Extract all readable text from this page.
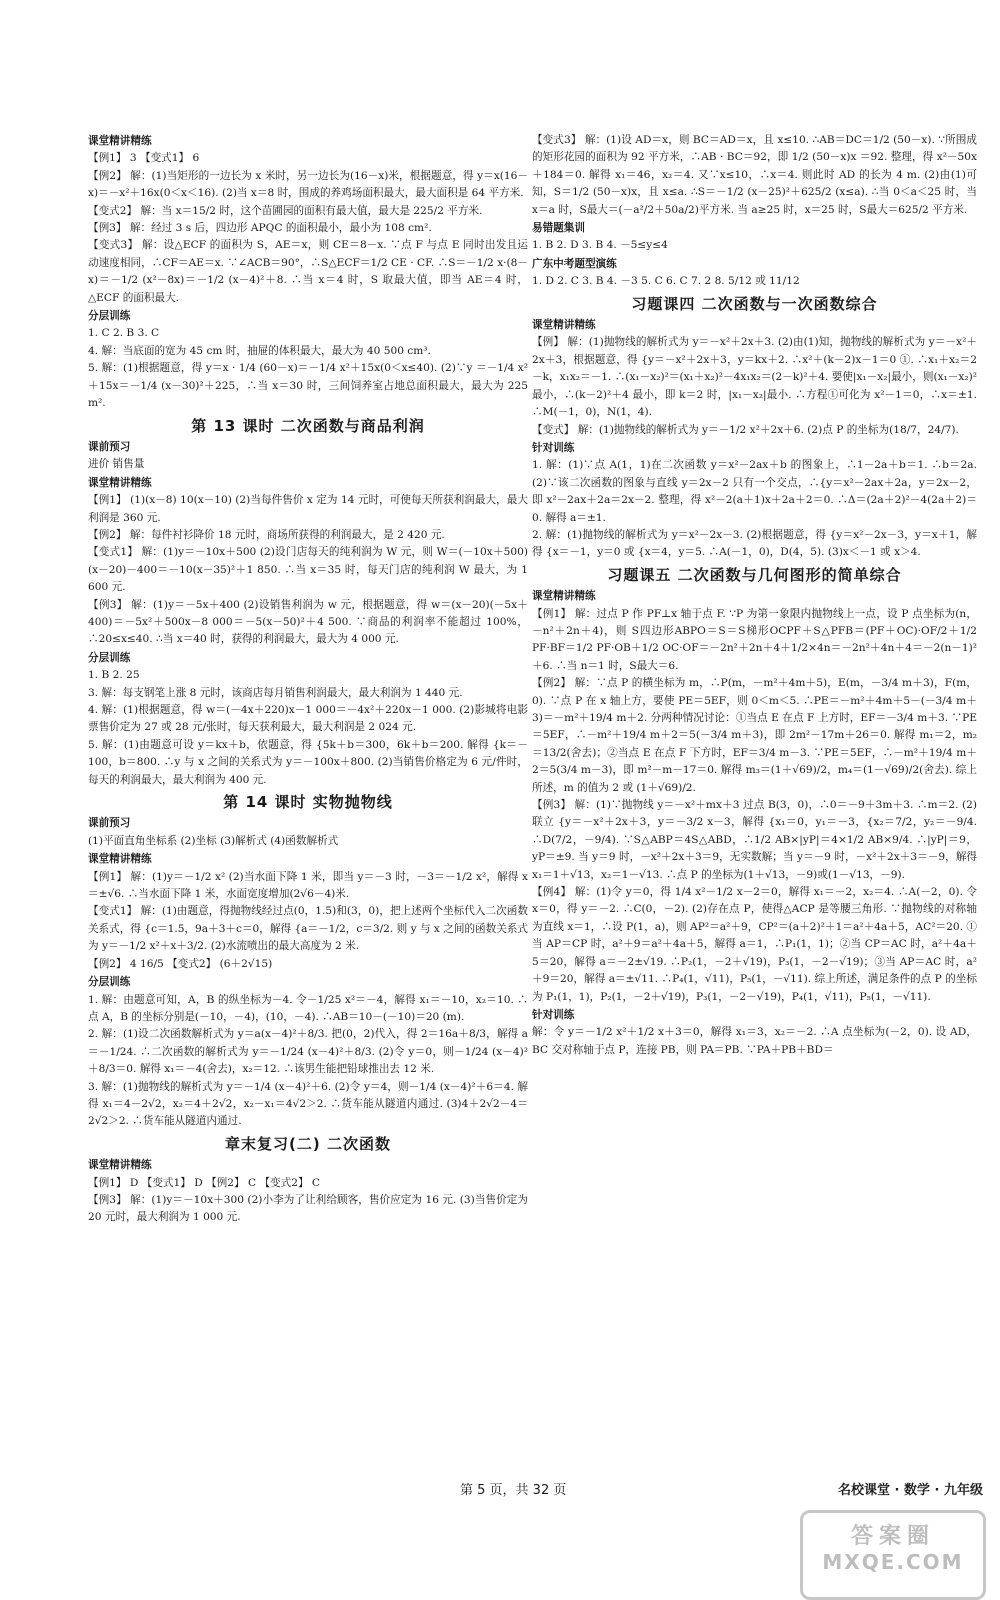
课堂精讲精练
【例1】 3 【变式1】 6
【例2】 解：(1)当矩形的一边长为 x 米时，另一边长为(16－x)米，根据题意，得 y＝x(16－x)＝－x²＋16x(0＜x＜16). (2)当 x＝8 时，围成的养鸡场面积最大，最大面积是 64 平方米.
【变式2】 解：当 x＝15/2 时，这个苗圃园的面积有最大值，最大是 225/2 平方米.
【例3】 解：经过 3 s 后，四边形 APQC 的面积最小，最小为 108 cm².
【变式3】 解：设△ECF 的面积为 S，AE＝x，则 CE＝8－x. ∵点 F 与点 E 同时出发且运动速度相同，∴CF＝AE＝x. ∵∠ACB＝90°，∴S△ECF＝1/2 CE · CF. ∴S＝－1/2 x·(8－x)＝－1/2 (x²－8x)＝－1/2 (x－4)²＋8. ∴当 x＝4 时，S 取最大值，即当 AE＝4 时，△ECF 的面积最大.
分层训练
1. C 2. B 3. C
4. 解：当底面的宽为 45 cm 时，抽屉的体积最大，最大为 40 500 cm³.
5. 解：(1)根据题意，得 y＝x · 1/4 (60－x)＝－1/4 x²＋15x(0＜x≤40). (2)∵y ＝－1/4 x²＋15x＝－1/4 (x－30)²＋225，∴当 x＝30 时，三间饲养室占地总面积最大，最大为 225 m².
第 13 课时 二次函数与商品利润
课前预习
进价 销售量
课堂精讲精练
【例1】 (1)(x－8) 10(x－10) (2)当每件售价 x 定为 14 元时，可使每天所获利润最大，最大利润是 360 元.
【例2】 解：每件衬衫降价 18 元时，商场所获得的利润最大，是 2 420 元.
【变式1】 解：(1)y＝－10x＋500 (2)设门店每天的纯利润为 W 元，则 W＝(－10x＋500)(x－20)－400＝－10(x－35)²＋1 850. ∴当 x＝35 时，每天门店的纯利润 W 最大，为 1 600 元.
【例3】 解：(1)y＝－5x＋400 (2)设销售利润为 w 元，根据题意，得 w＝(x－20)(－5x＋400)＝－5x²＋500x－8 000＝－5(x－50)²＋4 500. ∵商品的利润率不能超过 100%，∴20≤x≤40. ∴当 x＝40 时，获得的利润最大，最大为 4 000 元.
分层训练
1. B 2. 25
3. 解：每支钢笔上涨 8 元时，该商店每月销售利润最大，最大利润为 1 440 元.
4. 解：(1)根据题意，得 w＝(－4x＋220)x－1 000＝－4x²＋220x－1 000. (2)影城将电影票售价定为 27 或 28 元/张时，每天获利最大，最大利润是 2 024 元.
5. 解：(1)由题意可设 y＝kx＋b，依题意，得 {5k＋b＝300，6k＋b＝200. 解得 {k＝－100，b＝800. ∴y 与 x 之间的关系式为 y＝－100x＋800. (2)当销售价格定为 6 元/件时，每天的利润最大，最大利润为 400 元.
第 14 课时 实物抛物线
课前预习
(1)平面直角坐标系 (2)坐标 (3)解析式 (4)函数解析式
课堂精讲精练
【例1】 解：(1)y＝－1/2 x² (2)当水面下降 1 米，即当 y＝－3 时，－3＝－1/2 x²，解得 x＝±√6. ∴当水面下降 1 米，水面宽度增加(2√6－4)米.
【变式1】 解：(1)由题意，得抛物线经过点(0，1.5)和(3，0)，把上述两个坐标代入二次函数关系式，得 {c＝1.5，9a＋3＋c＝0，解得 {a＝－1/2，c＝3/2. 则 y 与 x 之间的函数关系式为 y＝－1/2 x²＋x＋3/2. (2)水流喷出的最大高度为 2 米.
【例2】 4 16/5 【变式2】 (6＋2√15)
分层训练
1. 解：由题意可知，A，B 的纵坐标为－4. 令－1/25 x²＝－4，解得 x₁＝－10，x₂＝10. ∴点 A，B 的坐标分别是(－10，－4)，(10，－4). ∴AB＝10－(－10)＝20 (m).
2. 解：(1)设二次函数解析式为 y＝a(x－4)²＋8/3. 把(0，2)代入，得 2＝16a＋8/3，解得 a＝－1/24. ∴二次函数的解析式为 y＝－1/24 (x－4)²＋8/3. (2)令 y＝0，则－1/24 (x－4)²＋8/3＝0. 解得 x₁＝－4(舍去)，x₂＝12. ∴该男生能把铅球推出去 12 米.
3. 解：(1)抛物线的解析式为 y＝－1/4 (x－4)²＋6. (2)令 y＝4，则－1/4 (x－4)²＋6＝4. 解得 x₁＝4－2√2，x₂＝4＋2√2，x₂－x₁＝4√2＞2. ∴货车能从隧道内通过. (3)4＋2√2－4＝2√2＞2. ∴货车能从隧道内通过.
章末复习(二) 二次函数
课堂精讲精练
【例1】 D 【变式1】 D 【例2】 C 【变式2】 C
【例3】 解：(1)y＝－10x＋300 (2)小李为了让利给顾客，售价应定为 16 元. (3)当售价定为 20 元时，最大利润为 1 000 元.
【变式3】 解：(1)设 AD＝x，则 BC＝AD＝x，且 x≤10. ∴AB＝DC＝1/2 (50－x). ∵所围成的矩形花园的面积为 92 平方米，∴AB · BC＝92，即 1/2 (50－x)x ＝92. 整理，得 x²－50x＋184＝0. 解得 x₁＝46，x₂＝4. 又∵x≤10，∴x＝4. 则此时 AD 的长为 4 m. (2)由(1)可知，S＝1/2 (50－x)x，且 x≤a. ∴S＝－1/2 (x－25)²＋625/2 (x≤a). ∴当 0＜a＜25 时，当 x＝a 时，S最大＝(－a²/2＋50a/2)平方米. 当 a≥25 时，x＝25 时，S最大＝625/2 平方米.
易错题集训
1. B 2. D 3. B 4. －5≤y≤4
广东中考题型演练
1. D 2. C 3. B 4. －3 5. C 6. C 7. 2 8. 5/12 或 11/12
习题课四 二次函数与一次函数综合
课堂精讲精练
【例】 解：(1)抛物线的解析式为 y＝－x²＋2x＋3. (2)由(1)知，抛物线的解析式为 y＝－x²＋2x＋3，根据题意，得 {y＝－x²＋2x＋3，y＝kx＋2. ∴x²＋(k－2)x－1＝0 ①. ∴x₁＋x₂＝2－k，x₁x₂＝－1. ∴(x₁－x₂)²＝(x₁＋x₂)²－4x₁x₂＝(2－k)²＋4. 要使|x₁－x₂|最小，则(x₁－x₂)²最小，∴(k－2)²＋4 最小，即 k＝2 时，|x₁－x₂|最小. ∴方程①可化为 x²－1＝0，∴x＝±1. ∴M(－1，0)，N(1，4).
【变式】 解：(1)抛物线的解析式为 y＝－1/2 x²＋2x＋6. (2)点 P 的坐标为(18/7，24/7).
针对训练
1. 解：(1)∵点 A(1，1)在二次函数 y＝x²－2ax＋b 的图象上，∴1－2a＋b＝1. ∴b＝2a. (2)∵该二次函数的图象与直线 y＝2x－2 只有一个交点，∴{y＝x²－2ax＋2a，y＝2x－2，即 x²－2ax＋2a＝2x－2. 整理，得 x²－2(a＋1)x＋2a＋2＝0. ∴Δ＝(2a＋2)²－4(2a＋2)＝0. 解得 a＝±1.
2. 解：(1)抛物线的解析式为 y＝x²－2x－3. (2)根据题意，得 {y＝x²－2x－3，y＝x＋1，解得 {x＝－1，y＝0 或 {x＝4，y＝5. ∴A(－1，0)，D(4，5). (3)x＜－1 或 x＞4.
习题课五 二次函数与几何图形的简单综合
课堂精讲精练
【例1】 解：过点 P 作 PF⊥x 轴于点 F. ∵P 为第一象限内抛物线上一点，设 P 点坐标为(n，－n²＋2n＋4)，则 S四边形ABPO＝S＝S梯形OCPF＋S△PFB＝(PF＋OC)·OF/2＋1/2 PF·BF＝1/2 PF·OB＋1/2 OC·OF＝－2n²＋2n＋4＋1/2×4n＝－2n²＋4n＋4＝－2(n－1)²＋6. ∴当 n＝1 时，S最大＝6.
【例2】 解：∵点 P 的横坐标为 m，∴P(m，－m²＋4m＋5)，E(m，－3/4 m＋3)，F(m，0). ∵点 P 在 x 轴上方，要使 PE＝5EF，则 0＜m＜5. ∴PE＝－m²＋4m＋5－(－3/4 m＋3)＝－m²＋19/4 m＋2. 分两种情况讨论：①当点 E 在点 F 上方时，EF＝－3/4 m＋3. ∵PE＝5EF，∴－m²＋19/4 m＋2＝5(－3/4 m＋3)，即 2m²－17m＋26＝0. 解得 m₁＝2，m₂＝13/2(舍去)；②当点 E 在点 F 下方时，EF＝3/4 m－3. ∵PE＝5EF，∴－m²＋19/4 m＋2＝5(3/4 m－3)，即 m²－m－17＝0. 解得 m₃＝(1＋√69)/2，m₄＝(1－√69)/2(舍去). 综上所述，m 的值为 2 或 (1＋√69)/2.
【例3】 解：(1)∵抛物线 y＝－x²＋mx＋3 过点 B(3，0)，∴0＝－9＋3m＋3. ∴m＝2. (2)联立 {y＝－x²＋2x＋3，y＝－3/2 x－3，解得 {x₁＝0，y₁＝－3，{x₂＝7/2，y₂＝－9/4. ∴D(7/2，－9/4). ∵S△ABP＝4S△ABD，∴1/2 AB×|yP|＝4×1/2 AB×9/4. ∴|yP|＝9，yP＝±9. 当 y＝9 时，－x²＋2x＋3＝9，无实数解；当 y＝－9 时，－x²＋2x＋3＝－9，解得 x₁＝1＋√13，x₂＝1－√13. ∴点 P 的坐标为(1＋√13，－9)或(1－√13，－9).
【例4】 解：(1)令 y＝0，得 1/4 x²－1/2 x－2＝0，解得 x₁＝－2，x₂＝4. ∴A(－2，0). 令 x＝0，得 y＝－2. ∴C(0，－2). (2)存在点 P，使得△ACP 是等腰三角形. ∵抛物线的对称轴为直线 x＝1，∴设 P(1，a)，则 AP²＝a²＋9，CP²＝(a＋2)²＋1＝a²＋4a＋5，AC²＝20. ①当 AP＝CP 时，a²＋9＝a²＋4a＋5，解得 a＝1，∴P₁(1，1)；②当 CP＝AC 时，a²＋4a＋5＝20，解得 a＝－2±√19. ∴P₂(1，－2＋√19)，P₃(1，－2－√19)；③当 AP＝AC 时，a²＋9＝20，解得 a＝±√11. ∴P₄(1，√11)，P₅(1，－√11). 综上所述，满足条件的点 P 的坐标为 P₁(1，1)，P₂(1，－2＋√19)，P₃(1，－2－√19)，P₄(1，√11)，P₅(1，－√11).
针对训练
解：令 y＝－1/2 x²＋1/2 x＋3＝0，解得 x₁＝3，x₂＝－2. ∴A 点坐标为(－2，0). 设 AD，BC 交对称轴于点 P，连接 PB，则 PA＝PB. ∵PA＋PB＋BD＝
第 5 页，共 32 页	名校课堂 · 数学 · 九年级
答案圈
MXQE.COM
